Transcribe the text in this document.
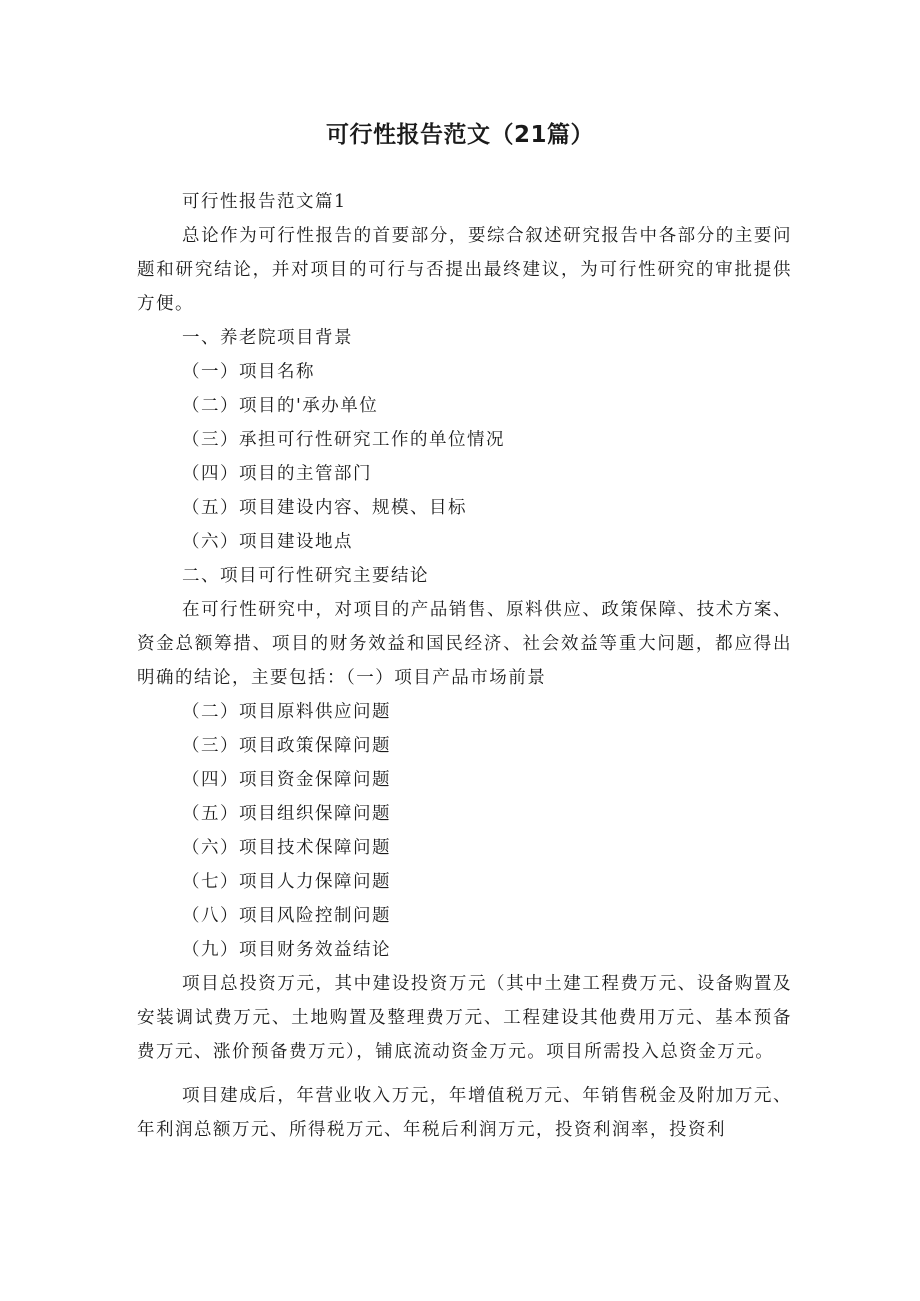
可行性报告范文（21篇）

可行性报告范文篇1

总论作为可行性报告的首要部分，要综合叙述研究报告中各部分的主要问题和研究结论，并对项目的可行与否提出最终建议，为可行性研究的审批提供方便。

一、养老院项目背景

（一）项目名称

（二）项目的'承办单位

（三）承担可行性研究工作的单位情况

（四）项目的主管部门

（五）项目建设内容、规模、目标

（六）项目建设地点

二、项目可行性研究主要结论

在可行性研究中，对项目的产品销售、原料供应、政策保障、技术方案、资金总额筹措、项目的财务效益和国民经济、社会效益等重大问题，都应得出明确的结论，主要包括：（一）项目产品市场前景

（二）项目原料供应问题

（三）项目政策保障问题

（四）项目资金保障问题

（五）项目组织保障问题

（六）项目技术保障问题

（七）项目人力保障问题

（八）项目风险控制问题

（九）项目财务效益结论

项目总投资万元，其中建设投资万元（其中土建工程费万元、设备购置及安装调试费万元、土地购置及整理费万元、工程建设其他费用万元、基本预备费万元、涨价预备费万元），铺底流动资金万元。项目所需投入总资金万元。

项目建成后，年营业收入万元，年增值税万元、年销售税金及附加万元、年利润总额万元、所得税万元、年税后利润万元，投资利润率，投资利
